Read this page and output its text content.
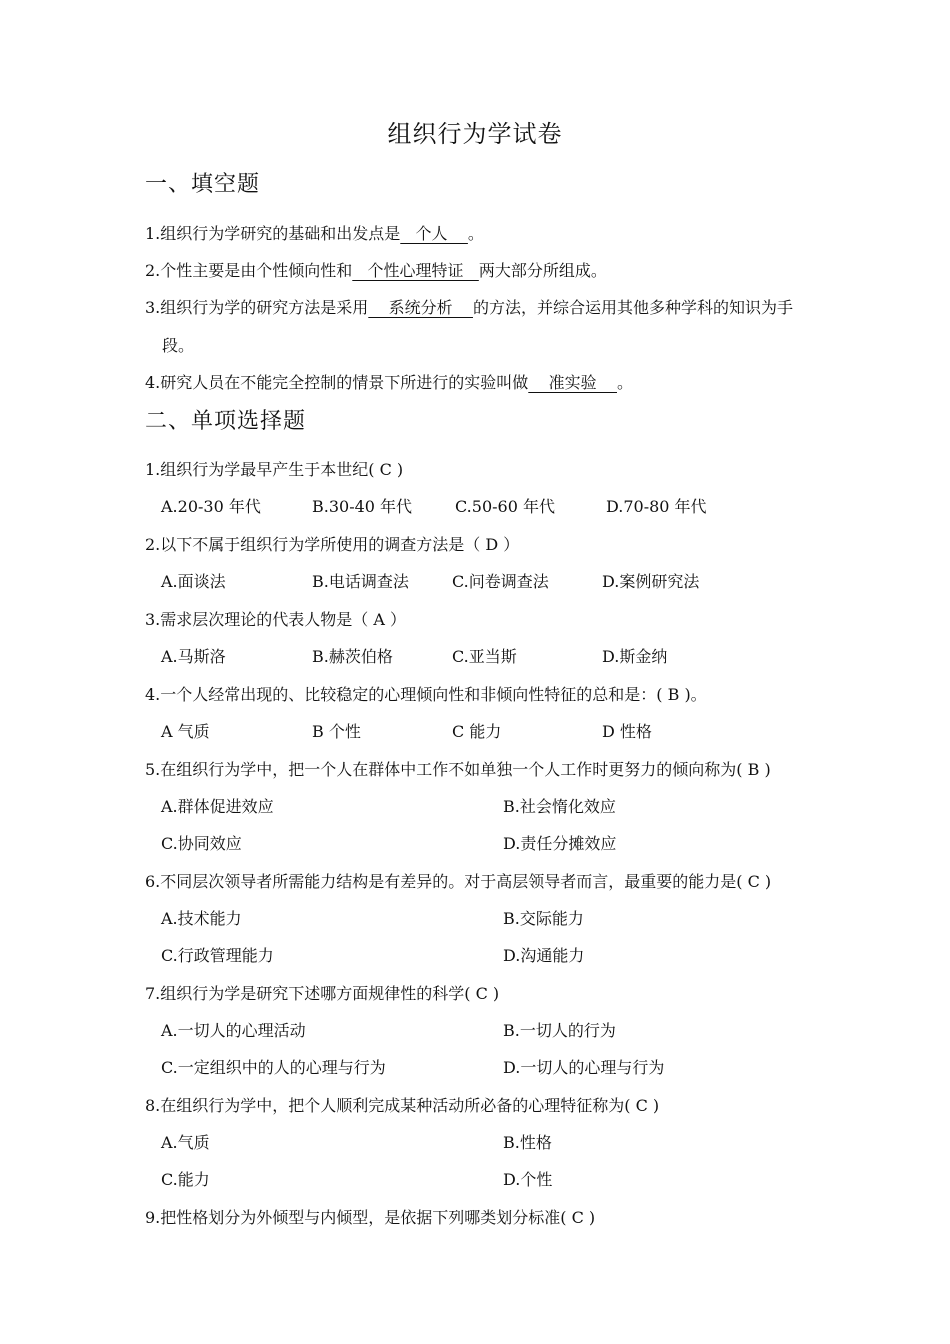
组织行为学试卷
一、填空题
1.组织行为学研究的基础和出发点是   个人    。
2.个性主要是由个性倾向性和   个性心理特证   两大部分所组成。
3.组织行为学的研究方法是采用    系统分析    的方法，并综合运用其他多种学科的知识为手
段。
4.研究人员在不能完全控制的情景下所进行的实验叫做    准实验    。
二、单项选择题
1.组织行为学最早产生于本世纪( C )
A.20-30 年代	B.30-40 年代	C.50-60 年代	D.70-80 年代
2.以下不属于组织行为学所使用的调查方法是（ D ）
A.面谈法	B.电话调查法	C.问卷调查法	D.案例研究法
3.需求层次理论的代表人物是（ A ）
A.马斯洛	B.赫茨伯格	C.亚当斯	D.斯金纳
4.一个人经常出现的、比较稳定的心理倾向性和非倾向性特征的总和是：( B )。
A 气质	B 个性	C 能力	D 性格
5.在组织行为学中，把一个人在群体中工作不如单独一个人工作时更努力的倾向称为( B )
A.群体促进效应	B.社会惰化效应
C.协同效应	D.责任分摊效应
6.不同层次领导者所需能力结构是有差异的。对于高层领导者而言，最重要的能力是( C )
A.技术能力	B.交际能力
C.行政管理能力	D.沟通能力
7.组织行为学是研究下述哪方面规律性的科学( C )
A.一切人的心理活动	B.一切人的行为
C.一定组织中的人的心理与行为	D.一切人的心理与行为
8.在组织行为学中，把个人顺利完成某种活动所必备的心理特征称为( C )
A.气质	B.性格
C.能力	D.个性
9.把性格划分为外倾型与内倾型，是依据下列哪类划分标准( C )
